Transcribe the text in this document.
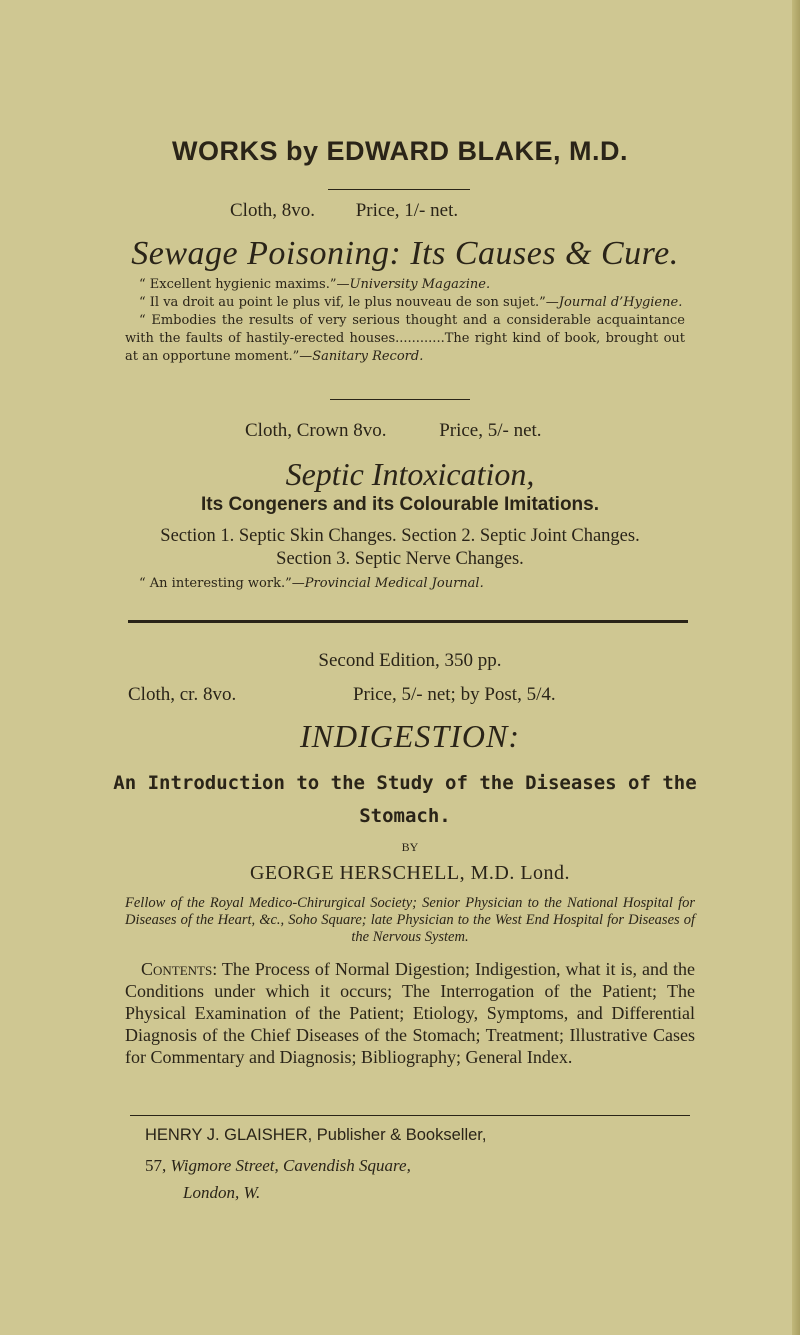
WORKS by EDWARD BLAKE, M.D.
Cloth, 8vo. Price, 1/- net.
Sewage Poisoning: Its Causes & Cure.
“ Excellent hygienic maxims.”—University Magazine.
“ Il va droit au point le plus vif, le plus nouveau de son sujet.”—Journal d’Hygiene.
“ Embodies the results of very serious thought and a considerable acquaintance with the faults of hastily-erected houses............The right kind of book, brought out at an opportune moment.”—Sanitary Record.
Cloth, Crown 8vo.	Price, 5/- net.
Septic Intoxication,
Its Congeners and its Colourable Imitations.
Section 1. Septic Skin Changes. Section 2. Septic Joint Changes.
Section 3. Septic Nerve Changes.
“ An interesting work.”—Provincial Medical Journal.
Second Edition, 350 pp.
Cloth, cr. 8vo.	Price, 5/- net; by Post, 5/4.
INDIGESTION:
An Introduction to the Study of the Diseases of the
Stomach.
BY
GEORGE HERSCHELL, M.D. Lond.
Fellow of the Royal Medico-Chirurgical Society; Senior Physician to the National Hospital for Diseases of the Heart, &c., Soho Square; late Physician to the West End Hospital for Diseases of the Nervous System.
Contents: The Process of Normal Digestion; Indigestion, what it is, and the Conditions under which it occurs; The Interrogation of the Patient; The Physical Examination of the Patient; Etiology, Symptoms, and Differential Diagnosis of the Chief Diseases of the Stomach; Treatment; Illustrative Cases for Commentary and Diagnosis; Bibliography; General Index.
HENRY J. GLAISHER, Publisher & Bookseller,
57, Wigmore Street, Cavendish Square,
London, W.
